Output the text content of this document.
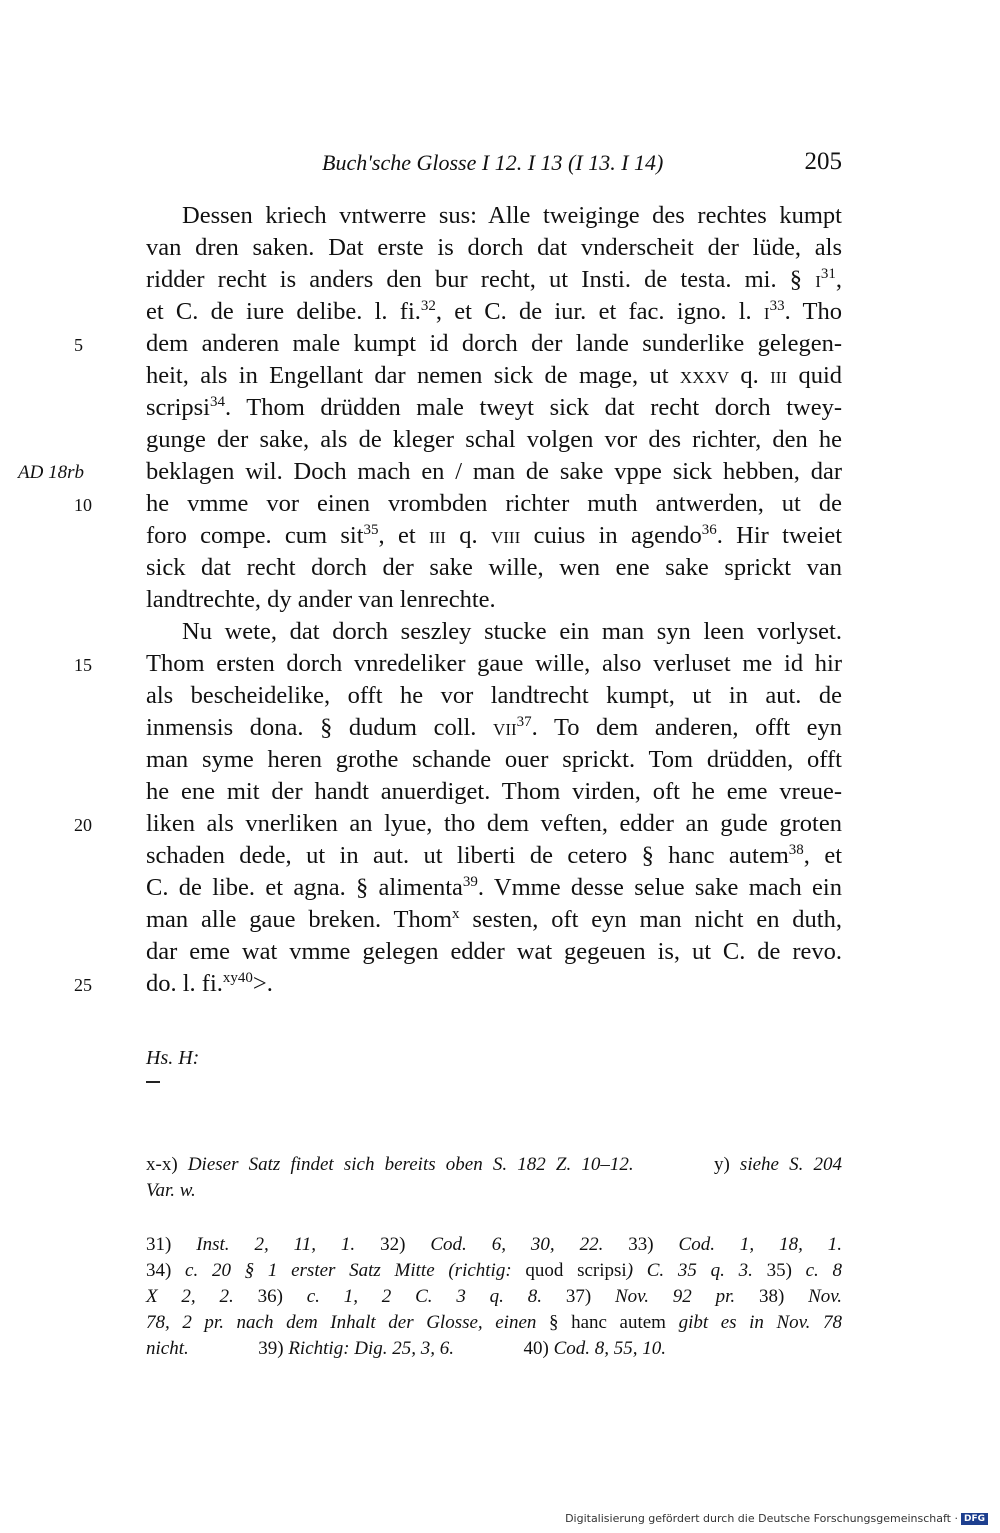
Buch'sche Glosse I 12. I 13 (I 13. I 14)	205
Dessen kriech vntwerre sus: Alle tweiginge des rechtes kumpt
van dren saken. Dat erste is dorch dat vnderscheit der lüde, als
ridder recht is anders den bur recht, ut Insti. de testa. mi. § $i^{31}$,
et C. de iure delibe. l. fi.$^{32}$, et C. de iur. et fac. igno. l. $i^{33}$. Tho
5	dem anderen male kumpt id dorch der lande sunderlike gelegen-
heit, als in Engellant dar nemen sick de mage, ut xxxv q. iii quid
scripsi$^{34}$. Thom drüdden male tweyt sick dat recht dorch twey-
gunge der sake, als de kleger schal volgen vor des richter, den he
AD 18rb	beklagen wil. Doch mach en / man de sake vppe sick hebben, dar
10	he vmme vor einen vrombden richter muth antwerden, ut de
foro compe. cum sit$^{35}$, et iii q. viii cuius in agendo$^{36}$. Hir tweiet
sick dat recht dorch der sake wille, wen ene sake sprickt van
landtrechte, dy ander van lenrechte.
Nu wete, dat dorch seszley stucke ein man syn leen vorlyset.
15	Thom ersten dorch vnredeliker gaue wille, also verluset me id hir
als bescheidelike, offt he vor landtrecht kumpt, ut in aut. de
inmensis dona. § dudum coll. vii$^{37}$. To dem anderen, offt eyn
man syme heren grothe schande ouer sprickt. Tom drüdden, offt
he ene mit der handt anuerdiget. Thom virden, oft he eme vreue-
20	liken als vnerliken an lyue, tho dem veften, edder an gude groten
schaden dede, ut in aut. ut liberti de cetero § hanc autem$^{38}$, et
C. de libe. et agna. § alimenta$^{39}$. Vmme desse selue sake mach ein
man alle gaue breken. Thom$^x$ sesten, oft eyn man nicht en duth,
dar eme wat vmme gelegen edder wat gegeuen is, ut C. de revo.
25	do. l. fi.$^{xy40}$>.
Hs. H:
x-x) Dieser Satz findet sich bereits oben S. 182 Z. 10–12.	y) siehe S. 204
Var. w.
31) Inst. 2, 11, 1. 32) Cod. 6, 30, 22. 33) Cod. 1, 18, 1.
34) c. 20 § 1 erster Satz Mitte (richtig: quod scripsi) C. 35 q. 3. 35) c. 8
X 2, 2. 36) c. 1, 2 C. 3 q. 8. 37) Nov. 92 pr. 38) Nov.
78, 2 pr. nach dem Inhalt der Glosse, einen § hanc autem gibt es in Nov. 78
nicht.	39) Richtig: Dig. 25, 3, 6.	40) Cod. 8, 55, 10.
Digitalisierung gefördert durch die Deutsche Forschungsgemeinschaft · DFG
